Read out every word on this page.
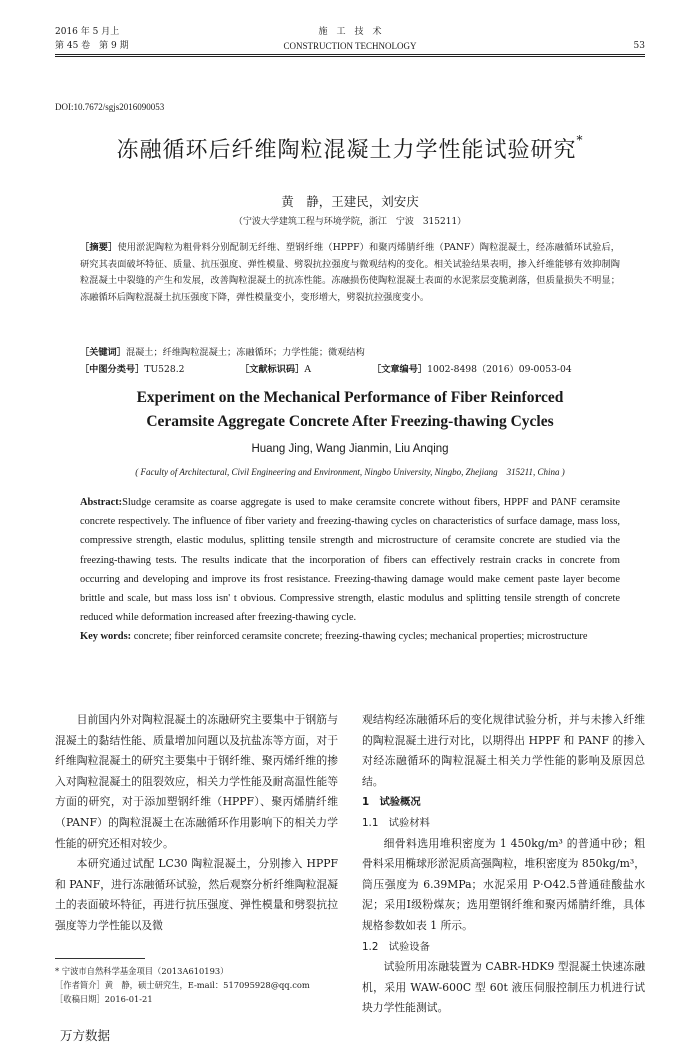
2016 年 5 月上
第 45 卷　第 9 期
施　工　技　术
CONSTRUCTION TECHNOLOGY	53
DOI:10.7672/sgjs2016090053
冻融循环后纤维陶粒混凝土力学性能试验研究*
黄　静，王建民，刘安庆
（宁波大学建筑工程与环境学院，浙江　宁波　315211）

［摘要］使用淤泥陶粒为粗骨料分别配制无纤维、塑钢纤维（HPPF）和聚丙烯腈纤维（PANF）陶粒混凝土，经冻融循环试验后，研究其表面破坏特征、质量、抗压强度、弹性模量、劈裂抗拉强度与微观结构的变化。相关试验结果表明，掺入纤维能够有效抑制陶粒混凝土中裂缝的产生和发展，改善陶粒混凝土的抗冻性能。冻融损伤使陶粒混凝土表面的水泥浆层变脆剥落，但质量损失不明显；冻融循环后陶粒混凝土抗压强度下降，弹性模量变小，变形增大，劈裂抗拉强度变小。

［关键词］混凝土；纤维陶粒混凝土；冻融循环；力学性能；微观结构

［中图分类号］TU528.2	［文献标识码］A	［文章编号］1002-8498（2016）09-0053-04
Experiment on the Mechanical Performance of Fiber Reinforced
Ceramsite Aggregate Concrete After Freezing-thawing Cycles
Huang Jing, Wang Jianmin, Liu Anqing
( Faculty of Architectural, Civil Engineering and Environment, Ningbo University, Ningbo, Zhejiang　315211, China )

Abstract:Sludge ceramsite as coarse aggregate is used to make ceramsite concrete without fibers, HPPF and PANF ceramsite concrete respectively. The influence of fiber variety and freezing-thawing cycles on characteristics of surface damage, mass loss, compressive strength, elastic modulus, splitting tensile strength and microstructure of ceramsite concrete are studied via the freezing-thawing tests. The results indicate that the incorporation of fibers can effectively restrain cracks in concrete from occurring and developing and improve its frost resistance. Freezing-thawing damage would make cement paste layer become brittle and scale, but mass loss isn' t obvious. Compressive strength, elastic modulus and splitting tensile strength of concrete reduced while deformation increased after freezing-thawing cycle.

Key words: concrete; fiber reinforced ceramsite concrete; freezing-thawing cycles; mechanical properties; microstructure

目前国内外对陶粒混凝土的冻融研究主要集中于钢筋与混凝土的黏结性能、质量增加问题以及抗盐冻等方面，对于纤维陶粒混凝土的研究主要集中于钢纤维、聚丙烯纤维的掺入对陶粒混凝土的阻裂效应，相关力学性能及耐高温性能等方面的研究，对于添加塑钢纤维（HPPF）、聚丙烯腈纤维（PANF）的陶粒混凝土在冻融循环作用影响下的相关力学性能的研究还相对较少。

本研究通过试配 LC30 陶粒混凝土，分别掺入 HPPF 和 PANF，进行冻融循环试验，然后观察分析纤维陶粒混凝土的表面破坏特征，再进行抗压强度、弹性模量和劈裂抗拉强度等力学性能以及微

观结构经冻融循环后的变化规律试验分析，并与未掺入纤维的陶粒混凝土进行对比，以期得出 HPPF 和 PANF 的掺入对经冻融循环的陶粒混凝土相关力学性能的影响及原因总结。

1　试验概况

1.1　试验材料

细骨料选用堆积密度为 1 450kg/m³ 的普通中砂；粗骨料采用椭球形淤泥质高强陶粒，堆积密度为 850kg/m³，筒压强度为 6.39MPa；水泥采用 P·O42.5普通硅酸盐水泥；采用Ⅰ级粉煤灰；选用塑钢纤维和聚丙烯腈纤维，具体规格参数如表 1 所示。

1.2　试验设备

试验所用冻融装置为 CABR-HDK9 型混凝土快速冻融机，采用 WAW-600C 型 60t 液压伺服控制压力机进行试块力学性能测试。

* 宁波市自然科学基金项目（2013A610193）
［作者简介］黄　静，硕士研究生，E-mail：517095928@qq.com
［收稿日期］2016-01-21
万方数据
